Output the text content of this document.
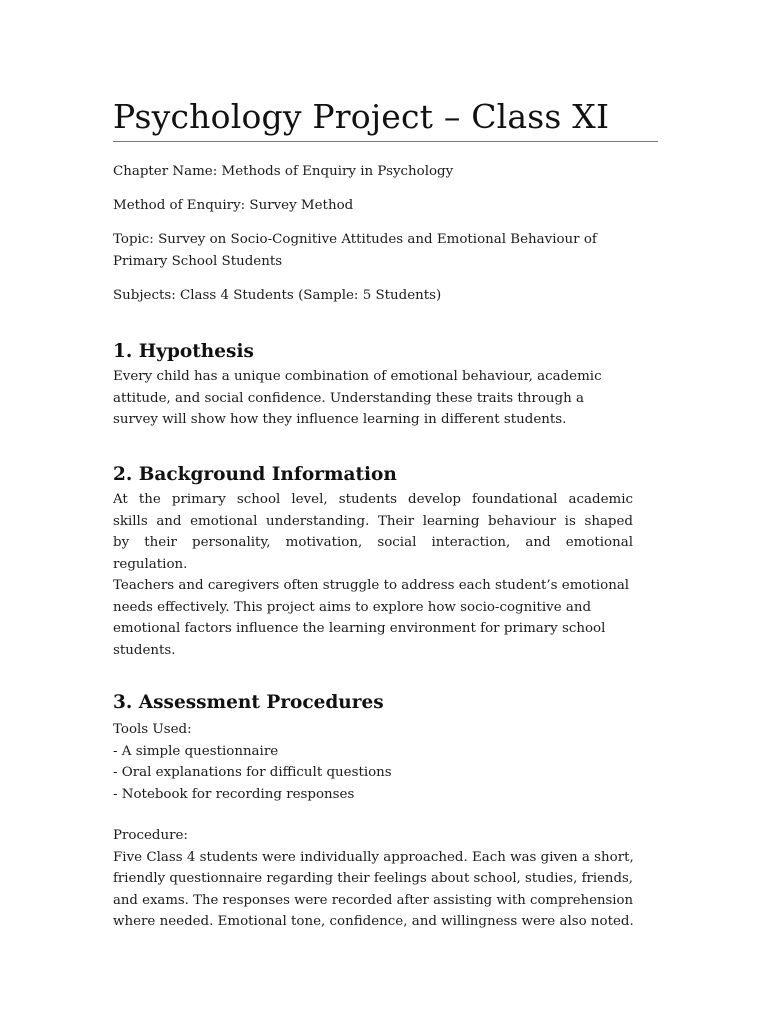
Psychology Project – Class XI

Chapter Name: Methods of Enquiry in Psychology

Method of Enquiry: Survey Method

Topic: Survey on Socio-Cognitive Attitudes and Emotional Behaviour of
Primary School Students

Subjects: Class 4 Students (Sample: 5 Students)

1. Hypothesis
Every child has a unique combination of emotional behaviour, academic
attitude, and social confidence. Understanding these traits through a
survey will show how they influence learning in different students.
2. Background Information
At the primary school level, students develop foundational academic
skills and emotional understanding. Their learning behaviour is shaped
by their personality, motivation, social interaction, and emotional
regulation.
Teachers and caregivers often struggle to address each student’s emotional
needs effectively. This project aims to explore how socio-cognitive and
emotional factors influence the learning environment for primary school
students.
3. Assessment Procedures
Tools Used:
- A simple questionnaire
- Oral explanations for difficult questions
- Notebook for recording responses
Procedure:
Five Class 4 students were individually approached. Each was given a short,
friendly questionnaire regarding their feelings about school, studies, friends,
and exams. The responses were recorded after assisting with comprehension
where needed. Emotional tone, confidence, and willingness were also noted.
